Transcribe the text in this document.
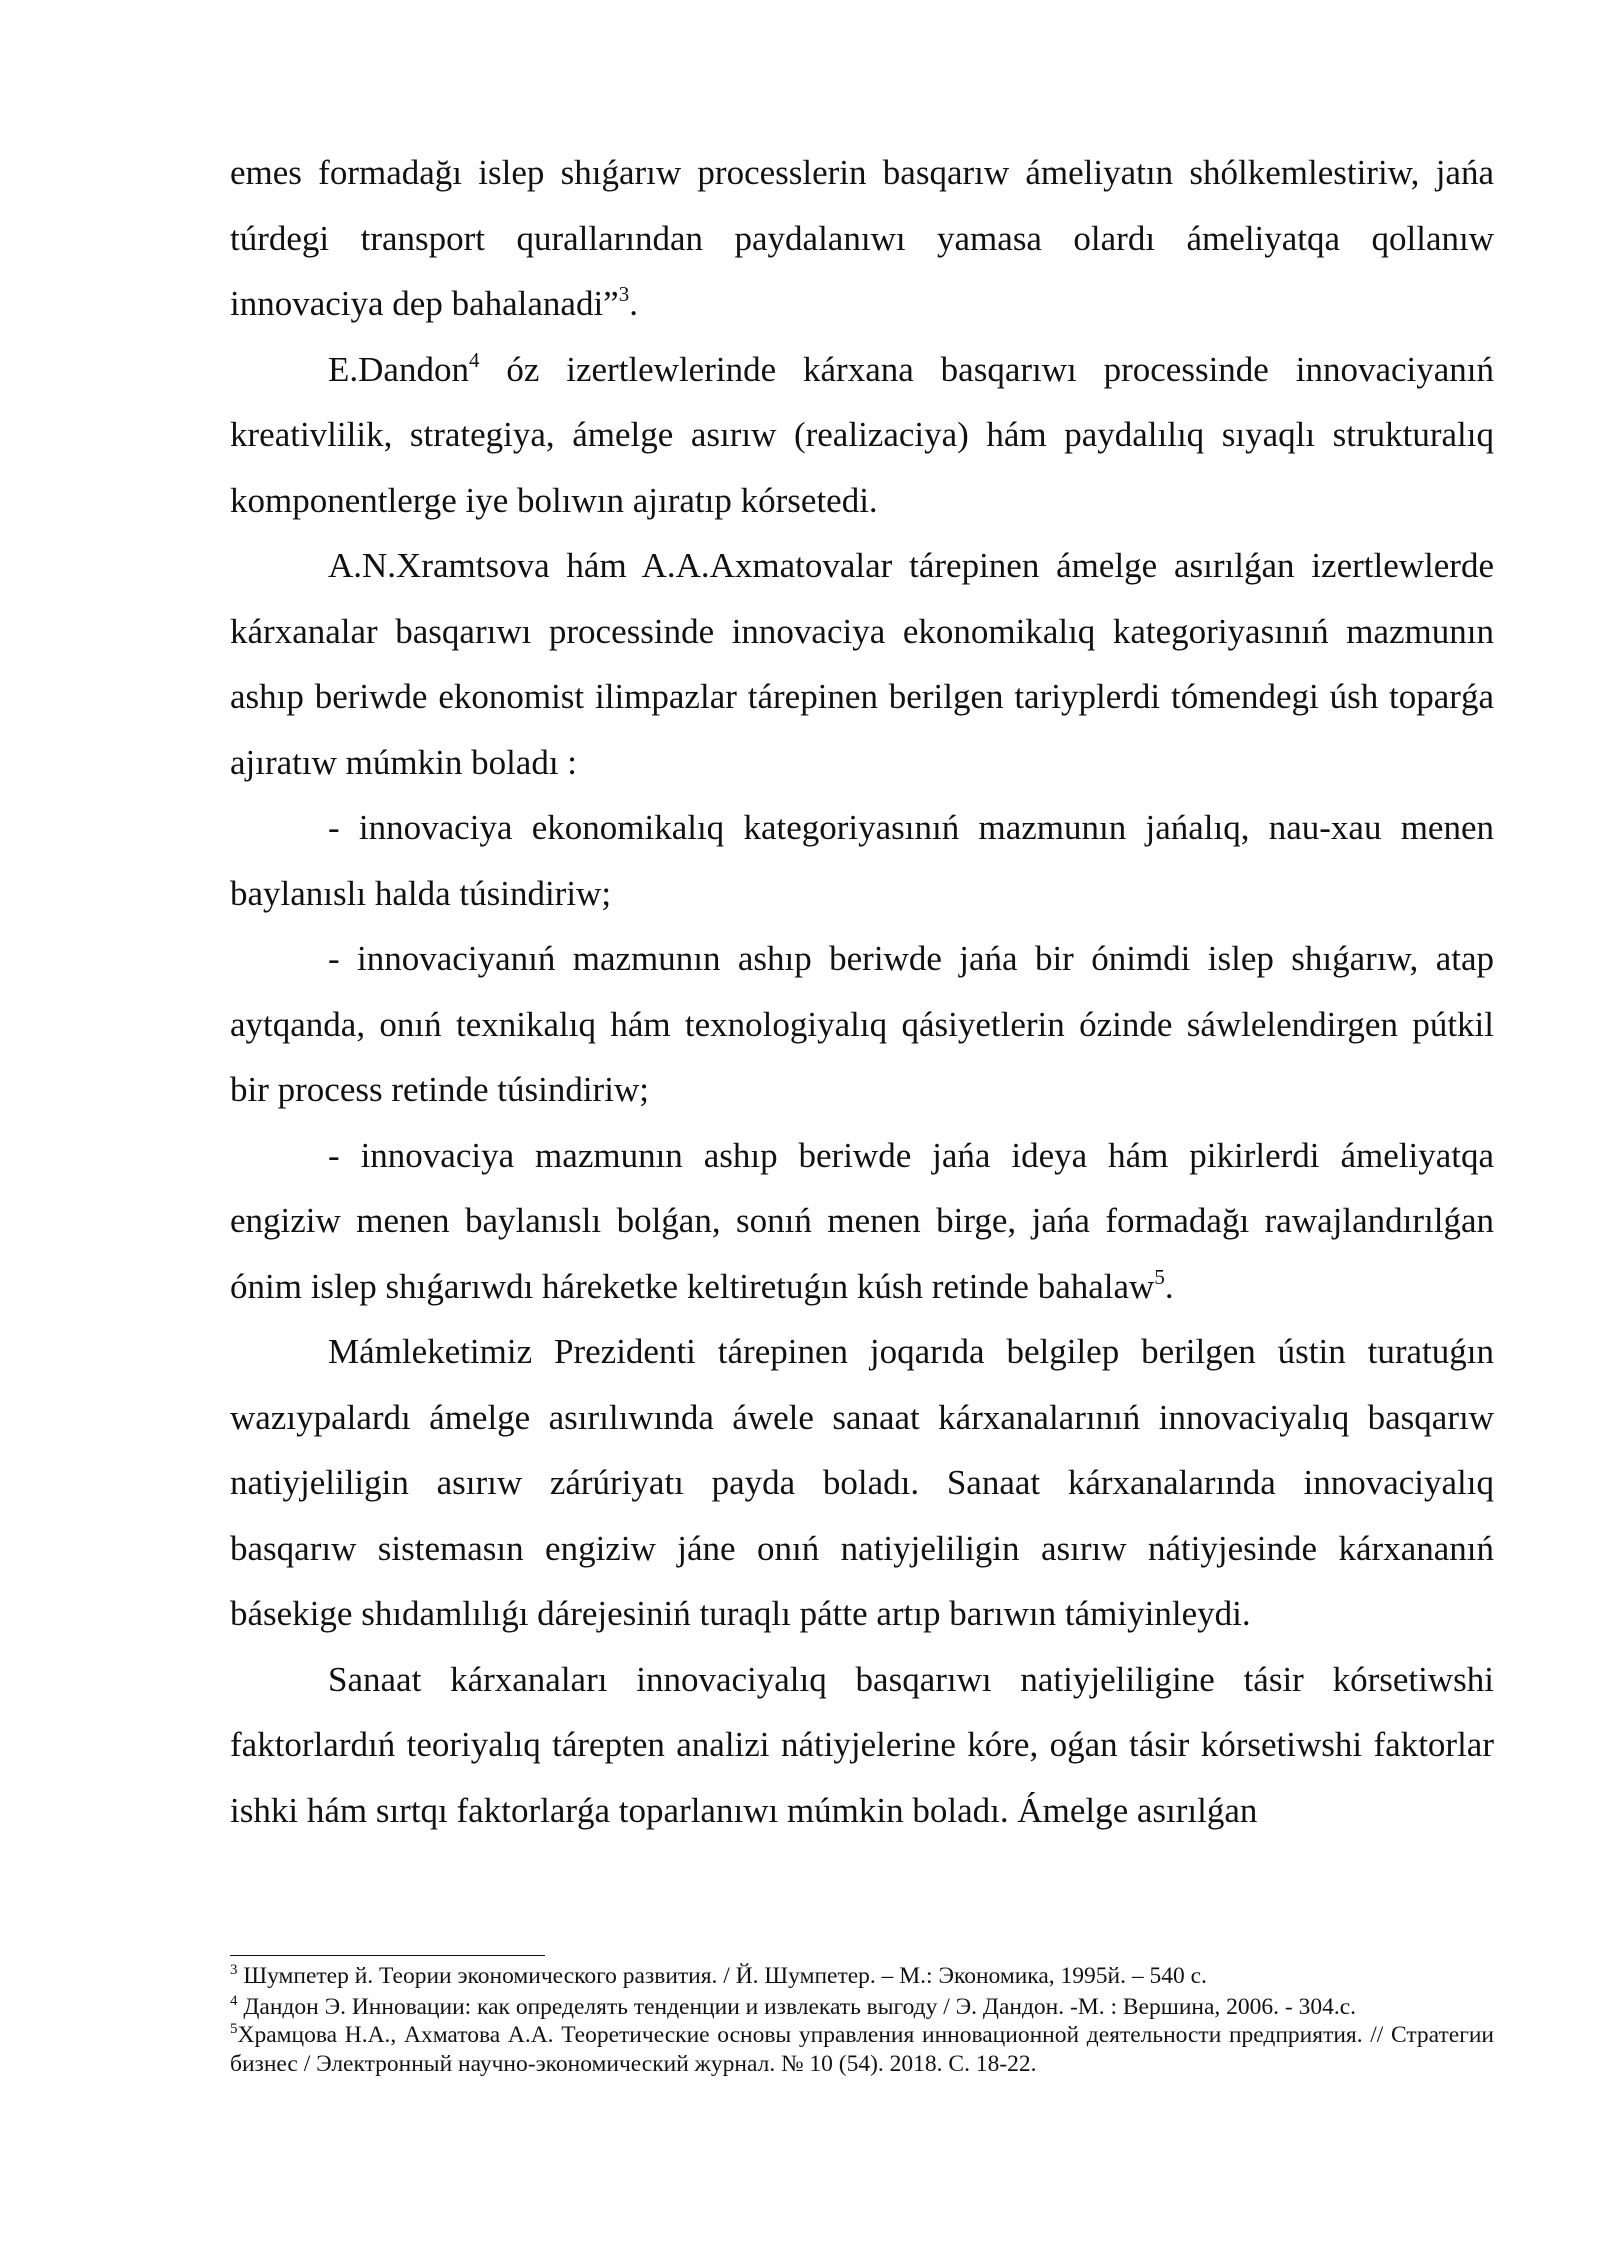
emes formadağı islep shıǵarıw processlerin basqarıw ámeliyatın shólkemlestiriw, jańa túrdegi transport qurallarından paydalanıwı yamasa olardı ámeliyatqa qollanıw innovaciya dep bahalanadi”$^3$.

E.Dandon$^4$ óz izertlewlerinde kárxana basqarıwı processinde innovaciyanıń kreativlilik, strategiya, ámelge asırıw (realizaciya) hám paydalılıq sıyaqlı strukturalıq komponentlerge iye bolıwın ajıratıp kórsetedi.

A.N.Xramtsova hám A.A.Axmatovalar tárepinen ámelge asırılǵan izertlewlerde kárxanalar basqarıwı processinde innovaciya ekonomikalıq kategoriyasınıń mazmunın ashıp beriwde ekonomist ilimpazlar tárepinen berilgen tariyplerdi tómendegi úsh toparǵa ajıratıw múmkin boladı :

- innovaciya ekonomikalıq kategoriyasınıń mazmunın jańalıq, nau-xau menen baylanıslı halda túsindiriw;

- innovaciyanıń mazmunın ashıp beriwde jańa bir ónimdi islep shıǵarıw, atap aytqanda, onıń texnikalıq hám texnologiyalıq qásiyetlerin ózinde sáwlelendirgen pútkil bir process retinde túsindiriw;

- innovaciya mazmunın ashıp beriwde jańa ideya hám pikirlerdi ámeliyatqa engiziw menen baylanıslı bolǵan, sonıń menen birge, jańa formadağı rawajlandırılǵan ónim islep shıǵarıwdı háreketke keltiretuǵın kúsh retinde bahalaw$^5$.

Mámleketimiz Prezidenti tárepinen joqarıda belgilep berilgen ústin turatuǵın wazıypalardı ámelge asırılıwında áwele sanaat kárxanalarınıń innovaciyalıq basqarıw natiyjeliligin asırıw zárúriyatı payda boladı. Sanaat kárxanalarında innovaciyalıq basqarıw sistemasın engiziw jáne onıń natiyjeliligin asırıw nátiyjesinde kárxananıń básekige shıdamlılıǵı dárejesiniń turaqlı pátte artıp barıwın támiyinleydi.

Sanaat kárxanaları innovaciyalıq basqarıwı natiyjeliligine tásir kórsetiwshi faktorlardıń teoriyalıq tárepten analizi nátiyjelerine kóre, oǵan tásir kórsetiwshi faktorlar ishki hám sırtqı faktorlarǵa toparlanıwı múmkin boladı. Ámelge asırılǵan

$^3$ Шумпетер й. Теории экономического развития. / Й. Шумпетер. – М.: Экономика, 1995й. – 540 с.

$^4$ Дандон Э. Инновации: как определять тенденции и извлекать выгоду / Э. Дандон. -М. : Вершина, 2006. - 304.с.

$^5$Храмцова Н.А., Ахматова А.А. Теоретические основы управления инновационной деятельности предприятия. // Стратегии бизнес / Электронный научно-экономический журнал. № 10 (54). 2018. С. 18-22.
